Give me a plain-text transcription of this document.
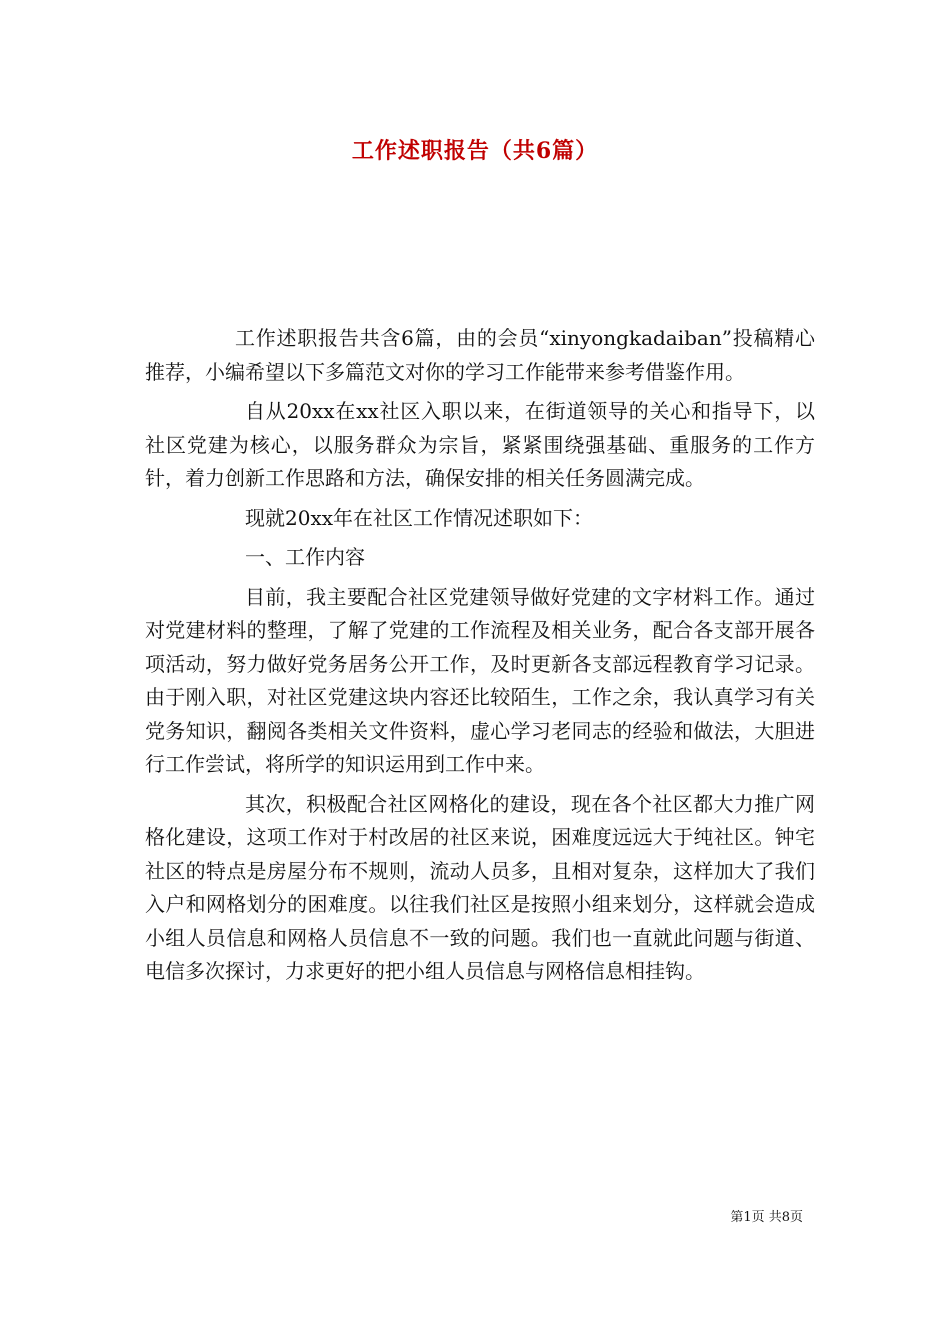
工作述职报告（共6篇）

工作述职报告共含6篇，由的会员“xinyongkadaiban”投稿精心推荐，小编希望以下多篇范文对你的学习工作能带来参考借鉴作用。

自从20xx在xx社区入职以来，在街道领导的关心和指导下，以社区党建为核心，以服务群众为宗旨，紧紧围绕强基础、重服务的工作方针，着力创新工作思路和方法，确保安排的相关任务圆满完成。

现就20xx年在社区工作情况述职如下：

一、工作内容

目前，我主要配合社区党建领导做好党建的文字材料工作。通过对党建材料的整理，了解了党建的工作流程及相关业务，配合各支部开展各项活动，努力做好党务居务公开工作，及时更新各支部远程教育学习记录。由于刚入职，对社区党建这块内容还比较陌生，工作之余，我认真学习有关党务知识，翻阅各类相关文件资料，虚心学习老同志的经验和做法，大胆进行工作尝试，将所学的知识运用到工作中来。

其次，积极配合社区网格化的建设，现在各个社区都大力推广网格化建设，这项工作对于村改居的社区来说，困难度远远大于纯社区。钟宅社区的特点是房屋分布不规则，流动人员多，且相对复杂，这样加大了我们入户和网格划分的困难度。以往我们社区是按照小组来划分，这样就会造成小组人员信息和网格人员信息不一致的问题。我们也一直就此问题与街道、电信多次探讨，力求更好的把小组人员信息与网格信息相挂钩。

第1页 共8页
